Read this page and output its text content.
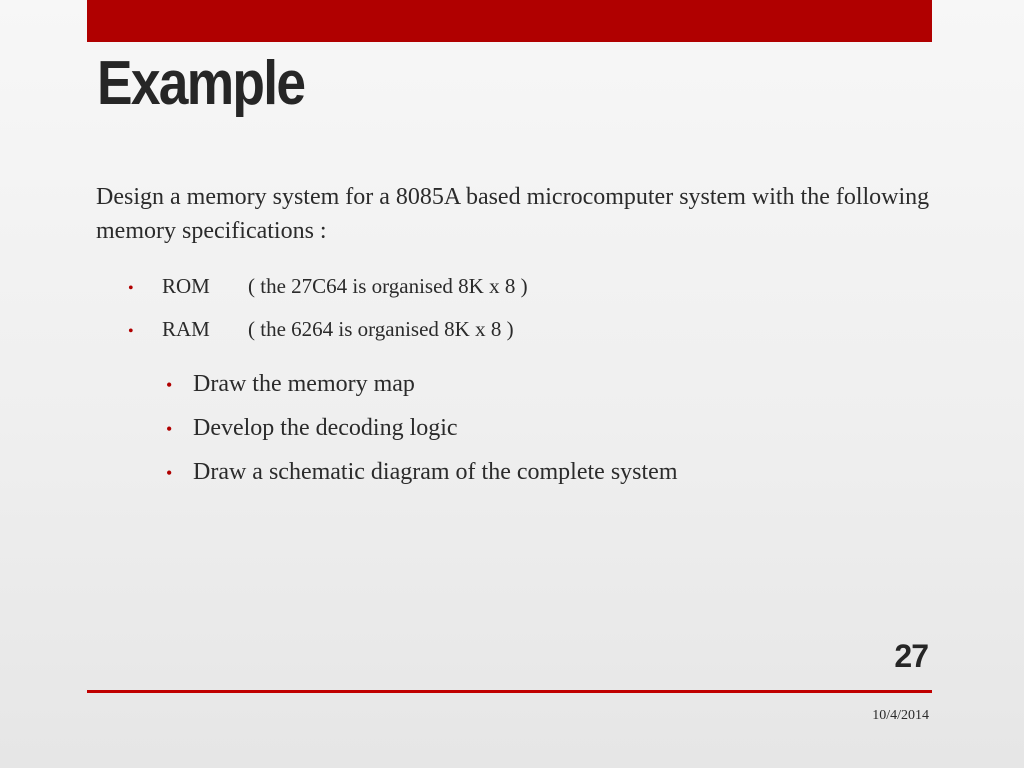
Example

Design a memory system for a 8085A based microcomputer system with the following memory specifications :

•	ROM	( the 27C64 is organised 8K x 8 )
•	RAM	( the 6264 is organised 8K x 8 )
• Draw the memory map
• Develop the decoding logic
• Draw a schematic diagram of the complete system
27
10/4/2014
